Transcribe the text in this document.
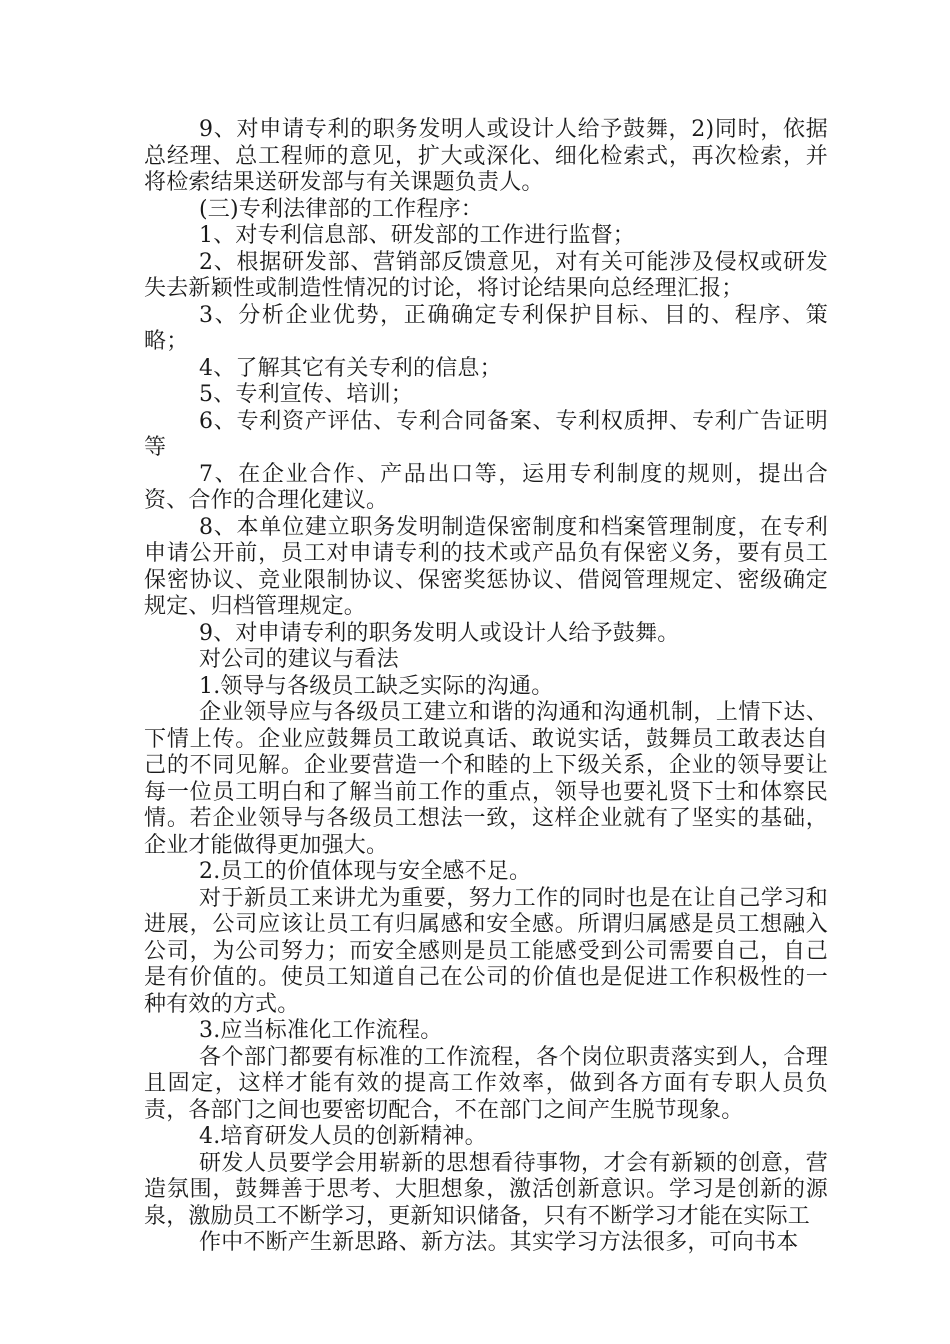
9、对申请专利的职务发明人或设计人给予鼓舞，2)同时，依据总经理、总工程师的意见，扩大或深化、细化检索式，再次检索，并将检索结果送研发部与有关课题负责人。

(三)专利法律部的工作程序：

1、对专利信息部、研发部的工作进行监督；

2、根据研发部、营销部反馈意见，对有关可能涉及侵权或研发失去新颖性或制造性情况的讨论，将讨论结果向总经理汇报；

3、分析企业优势，正确确定专利保护目标、目的、程序、策略；

4、了解其它有关专利的信息；

5、专利宣传、培训；

6、专利资产评估、专利合同备案、专利权质押、专利广告证明等

7、在企业合作、产品出口等，运用专利制度的规则，提出合资、合作的合理化建议。

8、本单位建立职务发明制造保密制度和档案管理制度，在专利申请公开前，员工对申请专利的技术或产品负有保密义务，要有员工保密协议、竞业限制协议、保密奖惩协议、借阅管理规定、密级确定规定、归档管理规定。

9、对申请专利的职务发明人或设计人给予鼓舞。

对公司的建议与看法

1.领导与各级员工缺乏实际的沟通。

企业领导应与各级员工建立和谐的沟通和沟通机制，上情下达、下情上传。企业应鼓舞员工敢说真话、敢说实话，鼓舞员工敢表达自己的不同见解。企业要营造一个和睦的上下级关系，企业的领导要让每一位员工明白和了解当前工作的重点，领导也要礼贤下士和体察民情。若企业领导与各级员工想法一致，这样企业就有了坚实的基础，企业才能做得更加强大。

2.员工的价值体现与安全感不足。

对于新员工来讲尤为重要，努力工作的同时也是在让自己学习和进展，公司应该让员工有归属感和安全感。所谓归属感是员工想融入公司，为公司努力；而安全感则是员工能感受到公司需要自己，自己是有价值的。使员工知道自己在公司的价值也是促进工作积极性的一种有效的方式。

3.应当标准化工作流程。

各个部门都要有标准的工作流程，各个岗位职责落实到人，合理且固定，这样才能有效的提高工作效率，做到各方面有专职人员负责，各部门之间也要密切配合，不在部门之间产生脱节现象。

4.培育研发人员的创新精神。

研发人员要学会用崭新的思想看待事物，才会有新颖的创意，营造氛围，鼓舞善于思考、大胆想象，激活创新意识。学习是创新的源泉，激励员工不断学习，更新知识储备，只有不断学习才能在实际工

作中不断产生新思路、新方法。其实学习方法很多，可向书本
